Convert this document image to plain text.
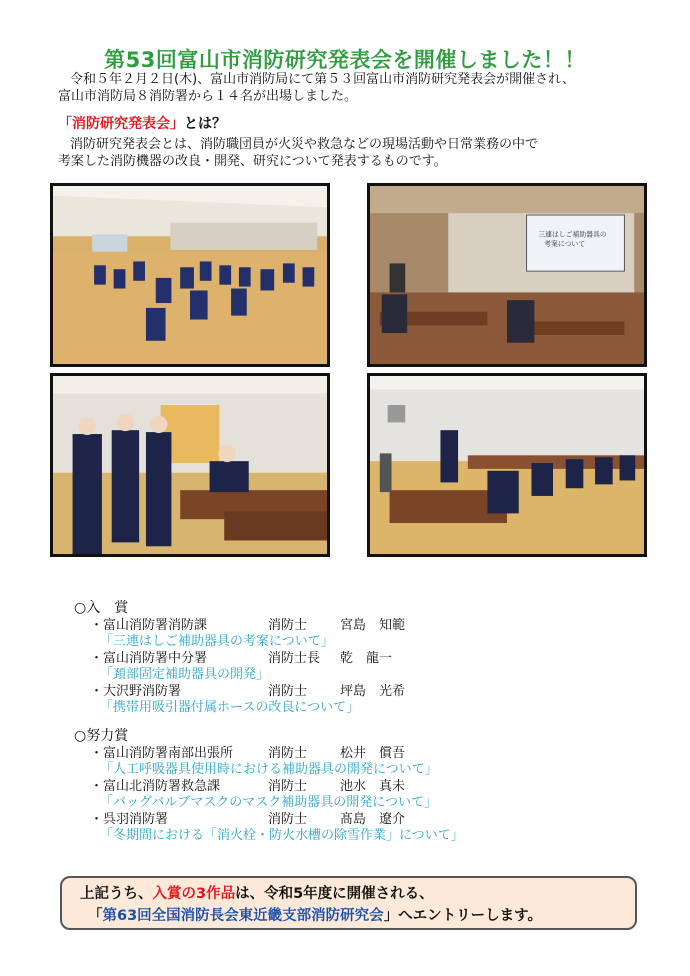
第53回富山市消防研究発表会を開催しました！！
令和５年２月２日(木)、富山市消防局にて第５３回富山市消防研究発表会が開催され、
富山市消防局８消防署から１４名が出場しました。
「消防研究発表会」とは？
消防研究発表会とは、消防職団員が火災や救急などの現場活動や日常業務の中で
考案した消防機器の改良・開発、研究について発表するものです。
三連はしご補助器具の
考案について
○入　賞
・富山消防署消防課	消防士	宮島　知範
「三連はしご補助器具の考案について」
・富山消防署中分署	消防士長	乾　龍一
「頚部固定補助器具の開発」
・大沢野消防署	消防士	坪島　光希
「携帯用吸引器付属ホースの改良について」
○努力賞
・富山消防署南部出張所	消防士	松井　償吾
「人工呼吸器具使用時における補助器具の開発について」
・富山北消防署救急課	消防士	池水　真未
「バッグバルブマスクのマスク補助器具の開発について」
・呉羽消防署	消防士	髙島　遼介
「冬期間における「消火栓・防火水槽の除雪作業」について」
上記うち、入賞の3作品は、令和5年度に開催される、
「第63回全国消防長会東近畿支部消防研究会」へエントリーします。
